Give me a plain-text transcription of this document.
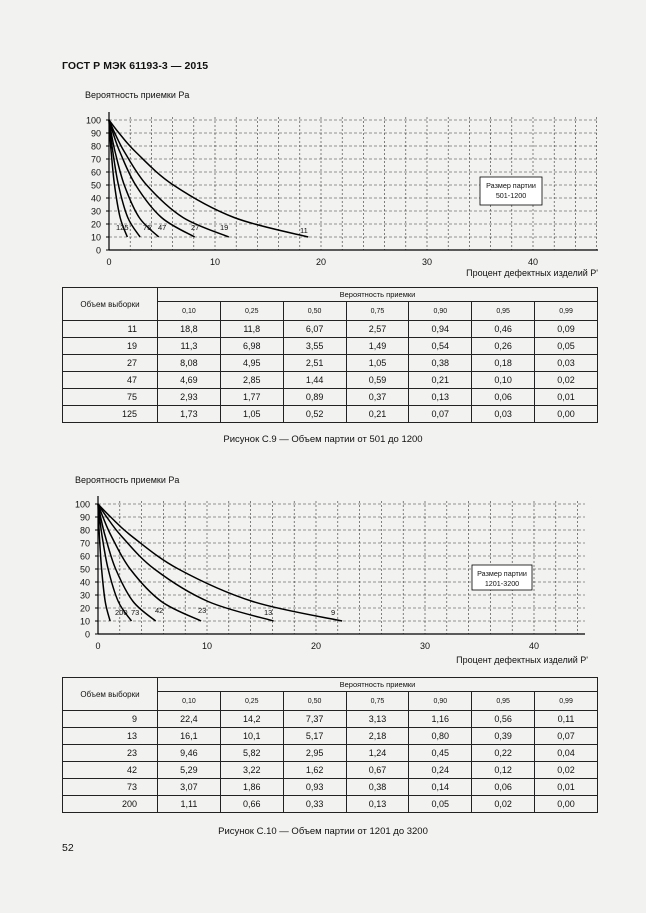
ГОСТ Р МЭК 61193-3 — 2015
0
10
20
30
40
50
60
70
80
90
100
0	10	20	30	40
Вероятность приемки Pa
Процент дефектных изделий P'
11
19
27
47
75
125
Размер партии
501-1200
Объем выборки	Вероятность приемки						
	0,10	0,25	0,50	0,75	0,90	0,95	0,99
11	18,8	11,8	6,07	2,57	0,94	0,46	0,09
19	11,3	6,98	3,55	1,49	0,54	0,26	0,05
27	8,08	4,95	2,51	1,05	0,38	0,18	0,03
47	4,69	2,85	1,44	0,59	0,21	0,10	0,02
75	2,93	1,77	0,89	0,37	0,13	0,06	0,01
125	1,73	1,05	0,52	0,21	0,07	0,03	0,00
Рисунок С.9 — Объем партии от 501 до 1200
0
10
20
30
40
50
60
70
80
90
100
0	10	20	30	40
Вероятность приемки Pa
Процент дефектных изделий P'
9
13
23
42
73
200
Размер партии
1201-3200
Объем выборки	Вероятность приемки						
	0,10	0,25	0,50	0,75	0,90	0,95	0,99
9	22,4	14,2	7,37	3,13	1,16	0,56	0,11
13	16,1	10,1	5,17	2,18	0,80	0,39	0,07
23	9,46	5,82	2,95	1,24	0,45	0,22	0,04
42	5,29	3,22	1,62	0,67	0,24	0,12	0,02
73	3,07	1,86	0,93	0,38	0,14	0,06	0,01
200	1,11	0,66	0,33	0,13	0,05	0,02	0,00
Рисунок С.10 — Объем партии от 1201 до 3200
52
